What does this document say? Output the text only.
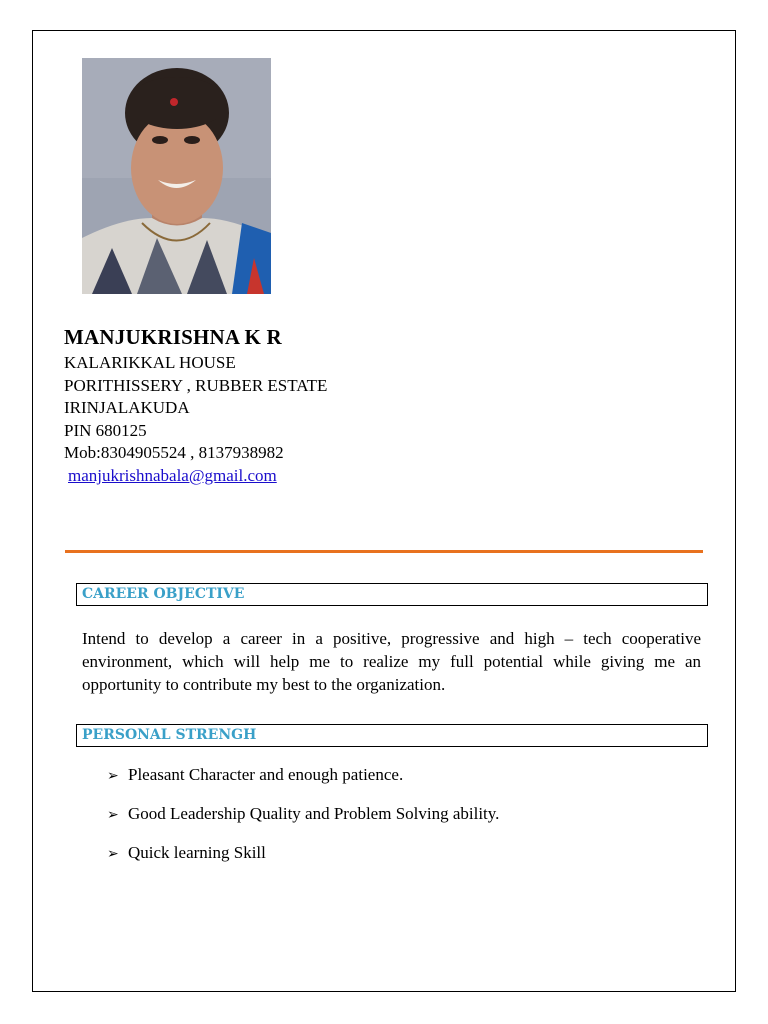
MANJUKRISHNA K R
KALARIKKAL HOUSE
PORITHISSERY , RUBBER ESTATE
IRINJALAKUDA
PIN 680125
Mob:8304905524 , 8137938982
manjukrishnabala@gmail.com
CAREER OBJECTIVE
Intend to develop a career in a positive, progressive and high – tech cooperative environment, which will help me to realize my full potential while giving me an opportunity to contribute my best to the organization.
PERSONAL STRENGH
➢ Pleasant Character and enough patience.
➢ Good Leadership Quality and Problem Solving ability.
➢ Quick learning Skill
